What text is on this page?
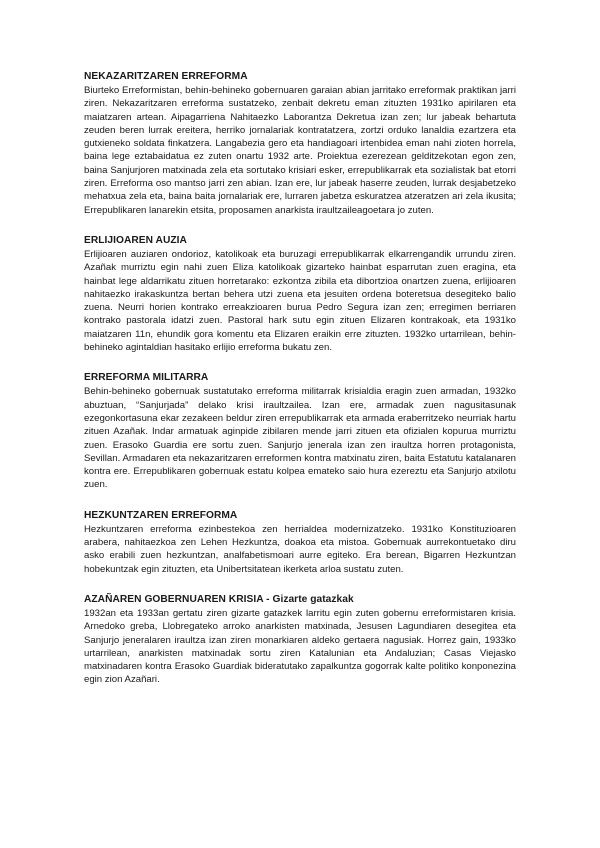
NEKAZARITZAREN ERREFORMA

Biurteko Erreformistan, behin-behineko gobernuaren garaian abian jarritako erreformak praktikan jarri ziren. Nekazaritzaren erreforma sustatzeko, zenbait dekretu eman zituzten 1931ko apirilaren eta maiatzaren artean. Aipagarriena Nahitaezko Laborantza Dekretua izan zen; lur jabeak behartuta zeuden beren lurrak ereitera, herriko jornalariak kontratatzera, zortzi orduko lanaldia ezartzera eta gutxieneko soldata finkatzera. Langabezia gero eta handiagoari irtenbidea eman nahi zioten horrela, baina lege eztabaidatua ez zuten onartu 1932 arte. Proiektua ezerezean gelditzekotan egon zen, baina Sanjurjoren matxinada zela eta sortutako krisiari esker, errepublikarrak eta sozialistak bat etorri ziren. Erreforma oso mantso jarri zen abian. Izan ere, lur jabeak haserre zeuden, lurrak desjabetzeko mehatxua zela eta, baina baita jornalariak ere, lurraren jabetza eskuratzea atzeratzen ari zela ikusita; Errepublikaren lanarekin etsita, proposamen anarkista iraultzaileagoetara jo zuten.

ERLIJIOAREN AUZIA

Erlijioaren auziaren ondorioz, katolikoak eta buruzagi errepublikarrak elkarrengandik urrundu ziren. Azañak murriztu egin nahi zuen Eliza katolikoak gizarteko hainbat esparrutan zuen eragina, eta hainbat lege aldarrikatu zituen horretarako: ezkontza zibila eta dibortzioa onartzen zuena, erlijioaren nahitaezko irakaskuntza bertan behera utzi zuena eta jesuiten ordena boteretsua desegiteko balio zuena. Neurri horien kontrako erreakzioaren burua Pedro Segura izan zen; erregimen berriaren kontrako pastorala idatzi zuen. Pastoral hark sutu egin zituen Elizaren kontrakoak, eta 1931ko maiatzaren 11n, ehundik gora komentu eta Elizaren eraikin erre zituzten. 1932ko urtarrilean, behin-behineko agintaldian hasitako erlijio erreforma bukatu zen.

ERREFORMA MILITARRA

Behin-behineko gobernuak sustatutako erreforma militarrak krisialdia eragin zuen armadan, 1932ko abuztuan, “Sanjurjada” delako krisi iraultzailea. Izan ere, armadak zuen nagusitasunak ezegonkortasuna ekar zezakeen beldur ziren errepublikarrak eta armada eraberritzeko neurriak hartu zituen Azañak. Indar armatuak aginpide zibilaren mende jarri zituen eta ofizialen kopurua murriztu zuen. Erasoko Guardia ere sortu zuen. Sanjurjo jenerala izan zen iraultza horren protagonista, Sevillan. Armadaren eta nekazaritzaren erreformen kontra matxinatu ziren, baita Estatutu katalanaren kontra ere. Errepublikaren gobernuak estatu kolpea emateko saio hura ezereztu eta Sanjurjo atxilotu zuen.

HEZKUNTZAREN ERREFORMA

Hezkuntzaren erreforma ezinbestekoa zen herrialdea modernizatzeko. 1931ko Konstituzioaren arabera, nahitaezkoa zen Lehen Hezkuntza, doakoa eta mistoa. Gobernuak aurrekontuetako diru asko erabili zuen hezkuntzan, analfabetismoari aurre egiteko. Era berean, Bigarren Hezkuntzan hobekuntzak egin zituzten, eta Unibertsitatean ikerketa arloa sustatu zuten.

AZAÑAREN GOBERNUAREN KRISIA - Gizarte gatazkak

1932an eta 1933an gertatu ziren gizarte gatazkek larritu egin zuten gobernu erreformistaren krisia. Arnedoko greba, Llobregateko arroko anarkisten matxinada, Jesusen Lagundiaren desegitea eta Sanjurjo jeneralaren iraultza izan ziren monarkiaren aldeko gertaera nagusiak. Horrez gain, 1933ko urtarrilean, anarkisten matxinadak sortu ziren Katalunian eta Andaluzian; Casas Viejasko matxinadaren kontra Erasoko Guardiak bideratutako zapalkuntza gogorrak kalte politiko konponezina egin zion Azañari.
